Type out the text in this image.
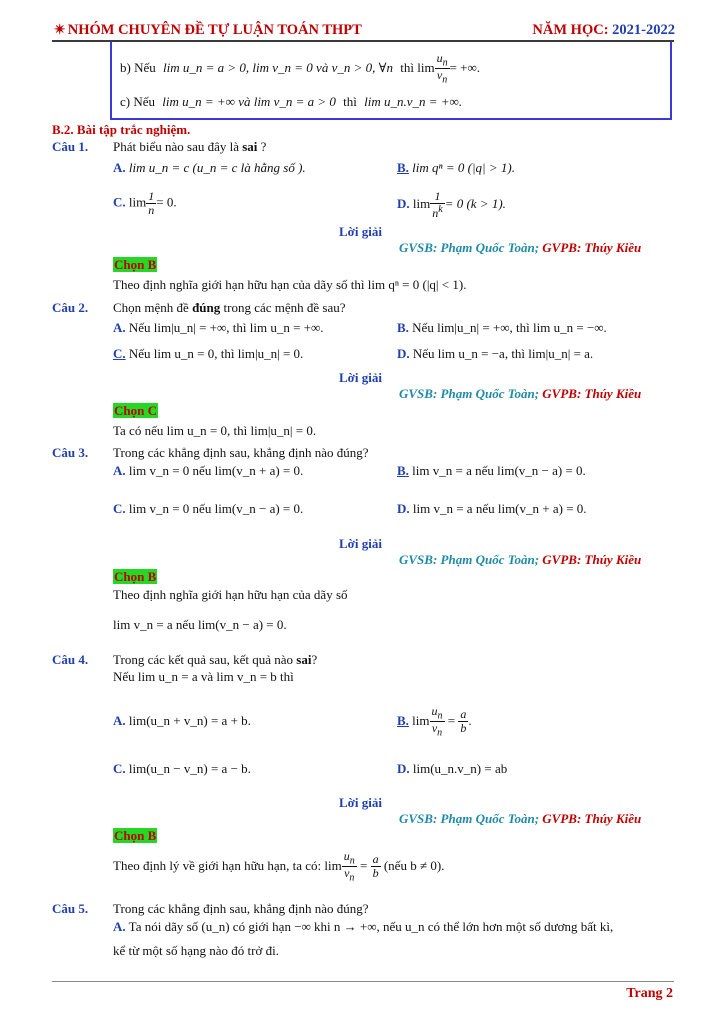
✴ NHÓM CHUYÊN ĐỀ TỰ LUẬN TOÁN THPT	NĂM HỌC: 2021-2022
b) Nếu lim u_n = a > 0, lim v_n = 0 và v_n > 0, ∀n thì $\lim \frac{u_n}{v_n}$ = +∞.
c) Nếu lim u_n = +∞ và lim v_n = a > 0 thì lim u_n.v_n = +∞.
B.2. Bài tập trắc nghiệm.
Câu 1. Phát biểu nào sau đây là sai ?
A. lim u_n = c (u_n = c là hằng số ).	B. lim qⁿ = 0 (|q| > 1).
C. $\lim \frac{1}{n} = 0$.	D. $\lim \frac{1}{n^k} = 0$ (k > 1).
Lời giải
GVSB: Phạm Quốc Toàn; GVPB: Thúy Kiều
Chọn B
Theo định nghĩa giới hạn hữu hạn của dãy số thì lim qⁿ = 0 (|q| < 1).
Câu 2. Chọn mệnh đề đúng trong các mệnh đề sau?
A. Nếu lim|u_n| = +∞, thì lim u_n = +∞.	B. Nếu lim|u_n| = +∞, thì lim u_n = −∞.
C. Nếu lim u_n = 0, thì lim|u_n| = 0.	D. Nếu lim u_n = −a, thì lim|u_n| = a.
Lời giải
GVSB: Phạm Quốc Toàn; GVPB: Thúy Kiều
Chọn C
Ta có nếu lim u_n = 0, thì lim|u_n| = 0.
Câu 3. Trong các khẳng định sau, khẳng định nào đúng?
A. lim v_n = 0 nếu lim(v_n + a) = 0.	B. lim v_n = a nếu lim(v_n − a) = 0.
C. lim v_n = 0 nếu lim(v_n − a) = 0.	D. lim v_n = a nếu lim(v_n + a) = 0.
Lời giải
GVSB: Phạm Quốc Toàn; GVPB: Thúy Kiều
Chọn B
Theo định nghĩa giới hạn hữu hạn của dãy số
lim v_n = a nếu lim(v_n − a) = 0.
Câu 4. Trong các kết quả sau, kết quả nào sai?
Nếu lim u_n = a và lim v_n = b thì
A. lim(u_n + v_n) = a + b.	B. $\lim \frac{u_n}{v_n} = \frac{a}{b}$ .
C. lim(u_n − v_n) = a − b.	D. lim(u_n.v_n) = ab
Lời giải
GVSB: Phạm Quốc Toàn; GVPB: Thúy Kiều
Chọn B
Theo định lý về giới hạn hữu hạn, ta có: $\lim \frac{u_n}{v_n} = \frac{a}{b}$ (nếu b ≠ 0).
Câu 5. Trong các khẳng định sau, khẳng định nào đúng?
A. Ta nói dãy số (u_n) có giới hạn −∞ khi n → +∞, nếu u_n có thể lớn hơn một số dương bất kì,
kể từ một số hạng nào đó trở đi.
Trang 2
